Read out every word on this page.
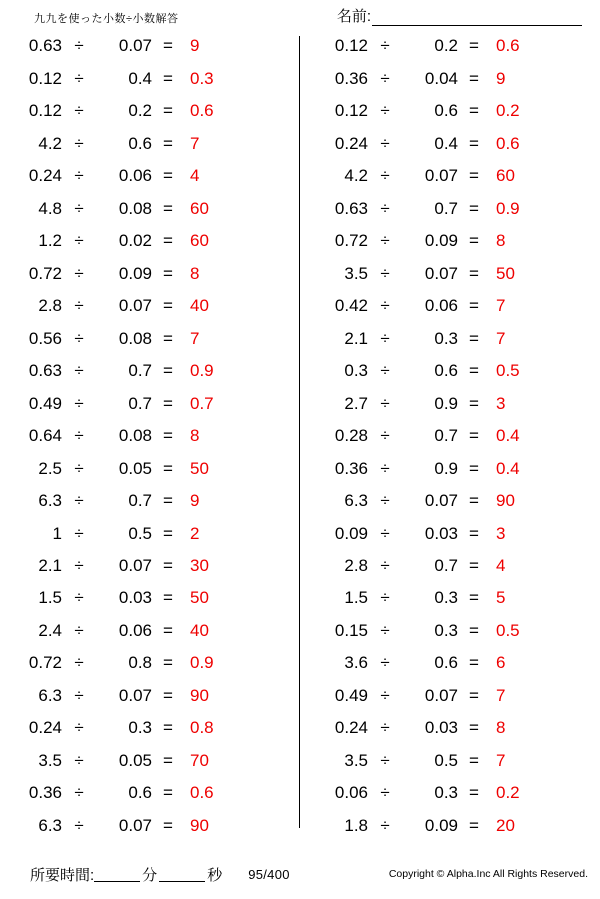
九九を使った小数÷小数解答	名前:
0.63 ÷	0.07 =	9
0.12 ÷	0.4 =	0.3
0.12 ÷	0.2 =	0.6
4.2 ÷	0.6 =	7
0.24 ÷	0.06 =	4
4.8 ÷	0.08 =	60
1.2 ÷	0.02 =	60
0.72 ÷	0.09 =	8
2.8 ÷	0.07 =	40
0.56 ÷	0.08 =	7
0.63 ÷	0.7 =	0.9
0.49 ÷	0.7 =	0.7
0.64 ÷	0.08 =	8
2.5 ÷	0.05 =	50
6.3 ÷	0.7 =	9
1 ÷	0.5 =	2
2.1 ÷	0.07 =	30
1.5 ÷	0.03 =	50
2.4 ÷	0.06 =	40
0.72 ÷	0.8 =	0.9
6.3 ÷	0.07 =	90
0.24 ÷	0.3 =	0.8
3.5 ÷	0.05 =	70
0.36 ÷	0.6 =	0.6
6.3 ÷	0.07 =	90
0.12 ÷	0.2 =	0.6
0.36 ÷	0.04 =	9
0.12 ÷	0.6 =	0.2
0.24 ÷	0.4 =	0.6
4.2 ÷	0.07 =	60
0.63 ÷	0.7 =	0.9
0.72 ÷	0.09 =	8
3.5 ÷	0.07 =	50
0.42 ÷	0.06 =	7
2.1 ÷	0.3 =	7
0.3 ÷	0.6 =	0.5
2.7 ÷	0.9 =	3
0.28 ÷	0.7 =	0.4
0.36 ÷	0.9 =	0.4
6.3 ÷	0.07 =	90
0.09 ÷	0.03 =	3
2.8 ÷	0.7 =	4
1.5 ÷	0.3 =	5
0.15 ÷	0.3 =	0.5
3.6 ÷	0.6 =	6
0.49 ÷	0.07 =	7
0.24 ÷	0.03 =	8
3.5 ÷	0.5 =	7
0.06 ÷	0.3 =	0.2
1.8 ÷	0.09 =	20
所要時間:	分	秒 95/400	Copyright © Alpha.Inc All Rights Reserved.
